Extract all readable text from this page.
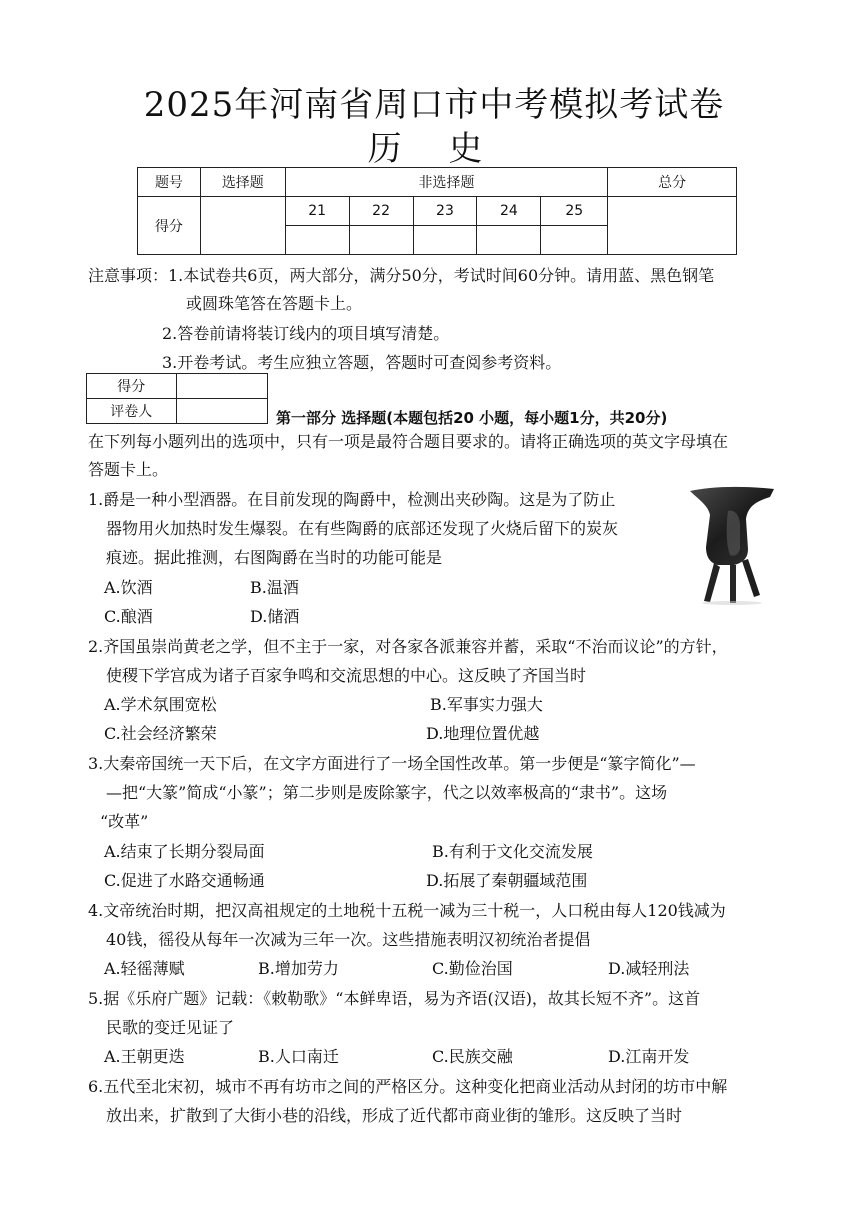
2025年河南省周口市中考模拟考试卷
历 史
题号	选择题	非选择题					总分
得分		21	22	23	24	25	

注意事项：1.本试卷共6页，两大部分，满分50分，考试时间60分钟。请用蓝、黑色钢笔
或圆珠笔答在答题卡上。
2.答卷前请将装订线内的项目填写清楚。
3.开卷考试。考生应独立答题，答题时可查阅参考资料。
得分	
评卷人		第一部分 选择题(本题包括20 小题，每小题1分，共20分)
在下列每小题列出的选项中，只有一项是最符合题目要求的。请将正确选项的英文字母填在
答题卡上。
1.爵是一种小型酒器。在目前发现的陶爵中，检测出夹砂陶。这是为了防止
器物用火加热时发生爆裂。在有些陶爵的底部还发现了火烧后留下的炭灰
痕迹。据此推测，右图陶爵在当时的功能可能是
A.饮酒	B.温酒
C.酿酒	D.储酒
2.齐国虽崇尚黄老之学，但不主于一家，对各家各派兼容并蓄，采取“不治而议论”的方针，
使稷下学宫成为诸子百家争鸣和交流思想的中心。这反映了齐国当时
A.学术氛围宽松	B.军事实力强大
C.社会经济繁荣	D.地理位置优越
3.大秦帝国统一天下后，在文字方面进行了一场全国性改革。第一步便是“篆字简化”—
—把“大篆”简成“小篆”；第二步则是废除篆字，代之以效率极高的“隶书”。这场
“改革”
A.结束了长期分裂局面	B.有利于文化交流发展
C.促进了水路交通畅通	D.拓展了秦朝疆域范围
4.文帝统治时期，把汉高祖规定的土地税十五税一减为三十税一，人口税由每人120钱减为
40钱，徭役从每年一次减为三年一次。这些措施表明汉初统治者提倡
A.轻徭薄赋	B.增加劳力	C.勤俭治国	D.减轻刑法
5.据《乐府广题》记载：《敕勒歌》“本鲜卑语，易为齐语(汉语)，故其长短不齐”。这首
民歌的变迁见证了
A.王朝更迭	B.人口南迁	C.民族交融	D.江南开发
6.五代至北宋初，城市不再有坊市之间的严格区分。这种变化把商业活动从封闭的坊市中解
放出来，扩散到了大街小巷的沿线，形成了近代都市商业街的雏形。这反映了当时
